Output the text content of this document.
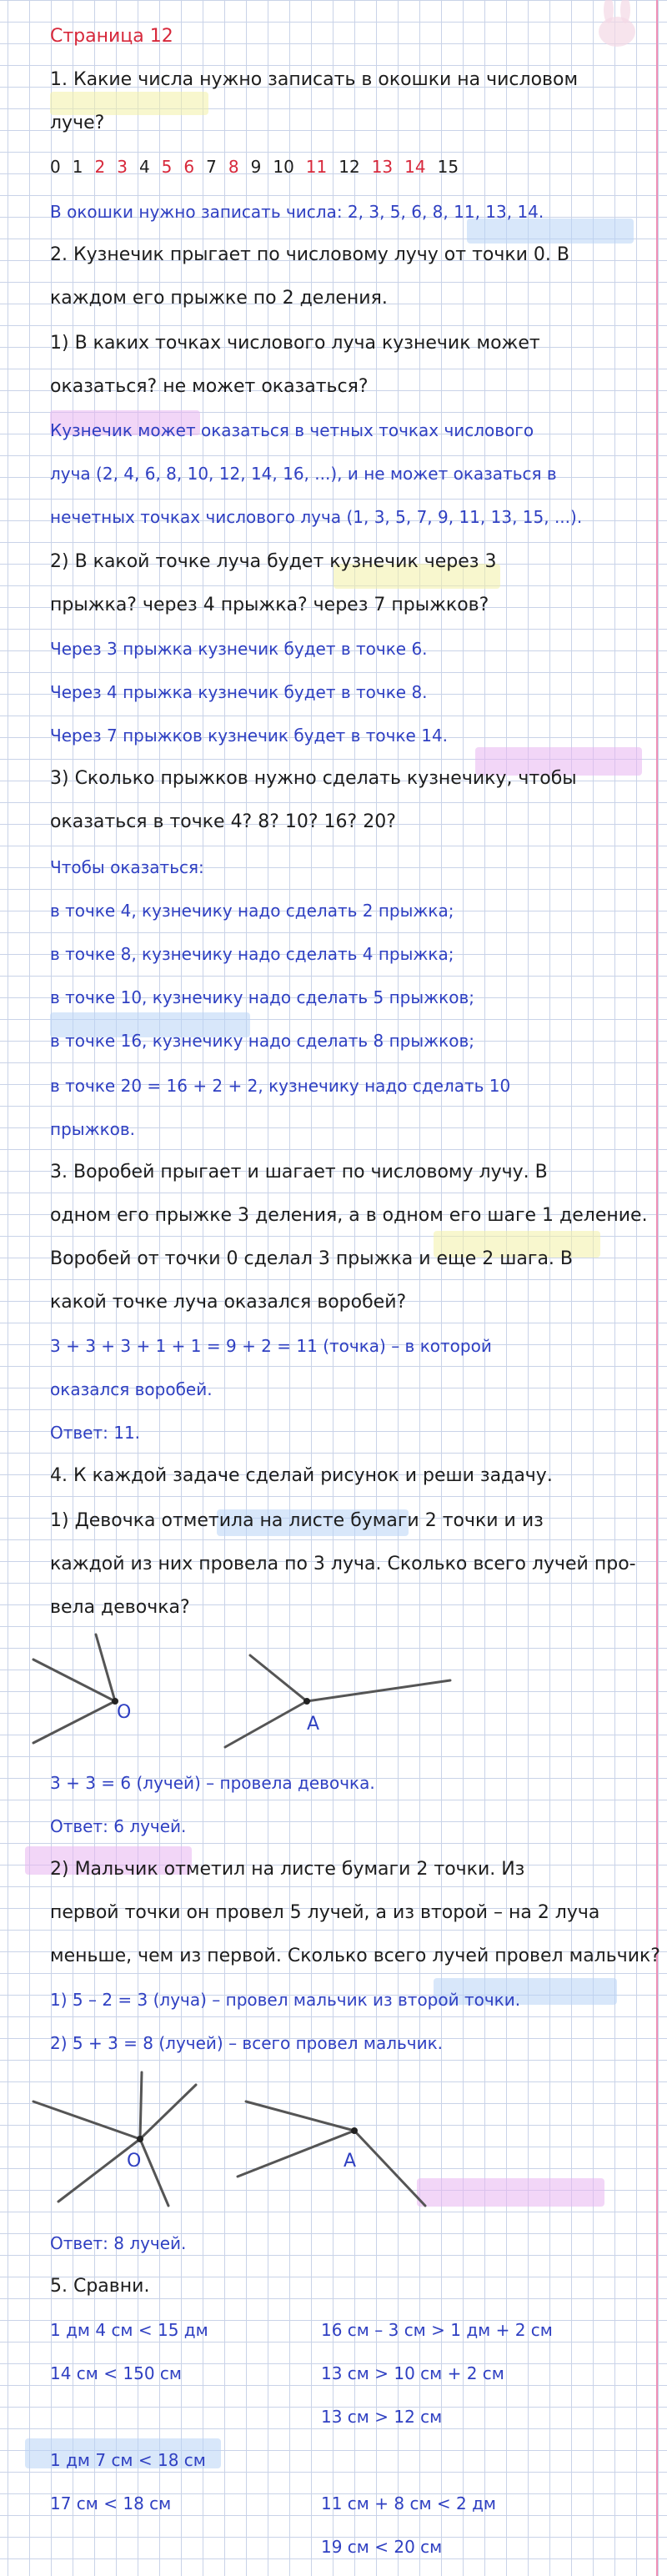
Страница 12
1. Какие числа нужно записать в окошки на числовом
луче?
0 1 2 3 4 5 6 7 8 9 10 11 12 13 14 15
В окошки нужно записать числа: 2, 3, 5, 6, 8, 11, 13, 14.
2. Кузнечик прыгает по числовому лучу от точки 0. В
каждом его прыжке по 2 деления.
1) В каких точках числового луча кузнечик может
оказаться? не может оказаться?
Кузнечик может оказаться в четных точках числового
луча (2, 4, 6, 8, 10, 12, 14, 16, ...), и не может оказаться в
нечетных точках числового луча (1, 3, 5, 7, 9, 11, 13, 15, ...).
2) В какой точке луча будет кузнечик через 3
прыжка? через 4 прыжка? через 7 прыжков?
Через 3 прыжка кузнечик будет в точке 6.
Через 4 прыжка кузнечик будет в точке 8.
Через 7 прыжков кузнечик будет в точке 14.
3) Сколько прыжков нужно сделать кузнечику, чтобы
оказаться в точке 4? 8? 10? 16? 20?
Чтобы оказаться:
в точке 4, кузнечику надо сделать 2 прыжка;
в точке 8, кузнечику надо сделать 4 прыжка;
в точке 10, кузнечику надо сделать 5 прыжков;
в точке 16, кузнечику надо сделать 8 прыжков;
в точке 20 = 16 + 2 + 2, кузнечику надо сделать 10
прыжков.
3. Воробей прыгает и шагает по числовому лучу. В
одном его прыжке 3 деления, а в одном его шаге 1 деление.
Воробей от точки 0 сделал 3 прыжка и еще 2 шага. В
какой точке луча оказался воробей?
3 + 3 + 3 + 1 + 1 = 9 + 2 = 11 (точка) – в которой
оказался воробей.
Ответ: 11.
4. К каждой задаче сделай рисунок и реши задачу.
1) Девочка отметила на листе бумаги 2 точки и из
каждой из них провела по 3 луча. Сколько всего лучей про-
вела девочка?
O
A
3 + 3 = 6 (лучей) – провела девочка.
Ответ: 6 лучей.
2) Мальчик отметил на листе бумаги 2 точки. Из
первой точки он провел 5 лучей, а из второй – на 2 луча
меньше, чем из первой. Сколько всего лучей провел мальчик?
1) 5 – 2 = 3 (луча) – провел мальчик из второй точки.
2) 5 + 3 = 8 (лучей) – всего провел мальчик.
O	A
Ответ: 8 лучей.
5. Сравни.
1 дм 4 см < 15 дм
14 см < 150 см
1 дм 7 см < 18 см
17 см < 18 см
16 см – 3 см > 1 дм + 2 см
13 см > 10 см + 2 см
13 см > 12 см
11 см + 8 см < 2 дм
19 см < 20 см
